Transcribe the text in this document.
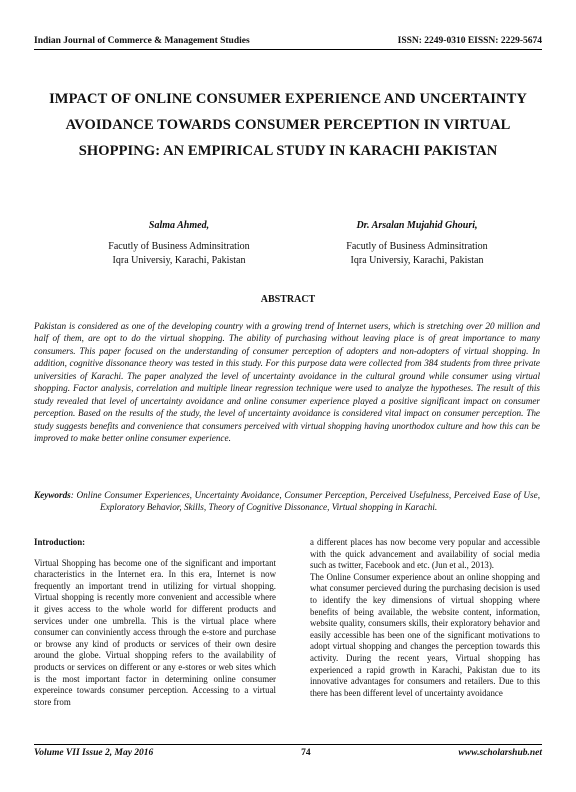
Indian Journal of Commerce & Management Studies	ISSN: 2249-0310 EISSN: 2229-5674
IMPACT OF ONLINE CONSUMER EXPERIENCE AND UNCERTAINTY AVOIDANCE TOWARDS CONSUMER PERCEPTION IN VIRTUAL SHOPPING: AN EMPIRICAL STUDY IN KARACHI PAKISTAN
Salma Ahmed,
Facutly of Business Adminsitration
Iqra Universiy, Karachi, Pakistan
Dr. Arsalan Mujahid Ghouri,
Facutly of Business Adminsitration
Iqra Universiy, Karachi, Pakistan
ABSTRACT
Pakistan is considered as one of the developing country with a growing trend of Internet users, which is stretching over 20 million and half of them, are opt to do the virtual shopping. The ability of purchasing without leaving place is of great importance to many consumers. This paper focused on the understanding of consumer perception of adopters and non-adopters of virtual shopping. In addition, cognitive dissonance theory was tested in this study. For this purpose data were collected from 384 students from three private universities of Karachi. The paper analyzed the level of uncertainty avoidance in the cultural ground while consumer using virtual shopping. Factor analysis, correlation and multiple linear regression technique were used to analyze the hypotheses. The result of this study revealed that level of uncertainty avoidance and online consumer experience played a positive significant impact on consumer perception. Based on the results of the study, the level of uncertainty avoidance is considered vital impact on consumer perception. The study suggests benefits and convenience that consumers perceived with virtual shopping having unorthodox culture and how this can be improved to make better online consumer experience.
Keywords: Online Consumer Experiences, Uncertainty Avoidance, Consumer Perception, Perceived Usefulness, Perceived Ease of Use, Exploratory Behavior, Skills, Theory of Cognitive Dissonance, Virtual shopping in Karachi.
Introduction:

Virtual Shopping has become one of the significant and important characteristics in the Internet era. In this era, Internet is now frequently an important trend in utilizing for virtual shopping. Virtual shopping is recently more convenient and accessible where it gives access to the whole world for different products and services under one umbrella. This is the virtual place where consumer can conviniently access through the e-store and purchase or browse any kind of products or services of their own desire around the globe. Virtual shopping refers to the availability of products or services on different or any e-stores or web sites which is the most important factor in determining online consumer expereince towards consumer perception. Accessing to a virtual store from

a different places has now become very popular and accessible with the quick advancement and availability of social media such as twitter, Facebook and etc. (Jun et al., 2013).

The Online Consumer experience about an online shopping and what consumer percieved during the purchasing decision is used to identify the key dimensions of virtual shopping where benefits of being available, the website content, information, website quality, consumers skills, their exploratory behavior and easily accessible has been one of the significant motivations to adopt virtual shopping and changes the perception towards this activity. During the recent years, Virtual shopping has experienced a rapid growth in Karachi, Pakistan due to its innovative advantages for consumers and retailers. Due to this there has been different level of uncertainty avoidance

Volume VII Issue 2, May 2016	74	www.scholarshub.net
